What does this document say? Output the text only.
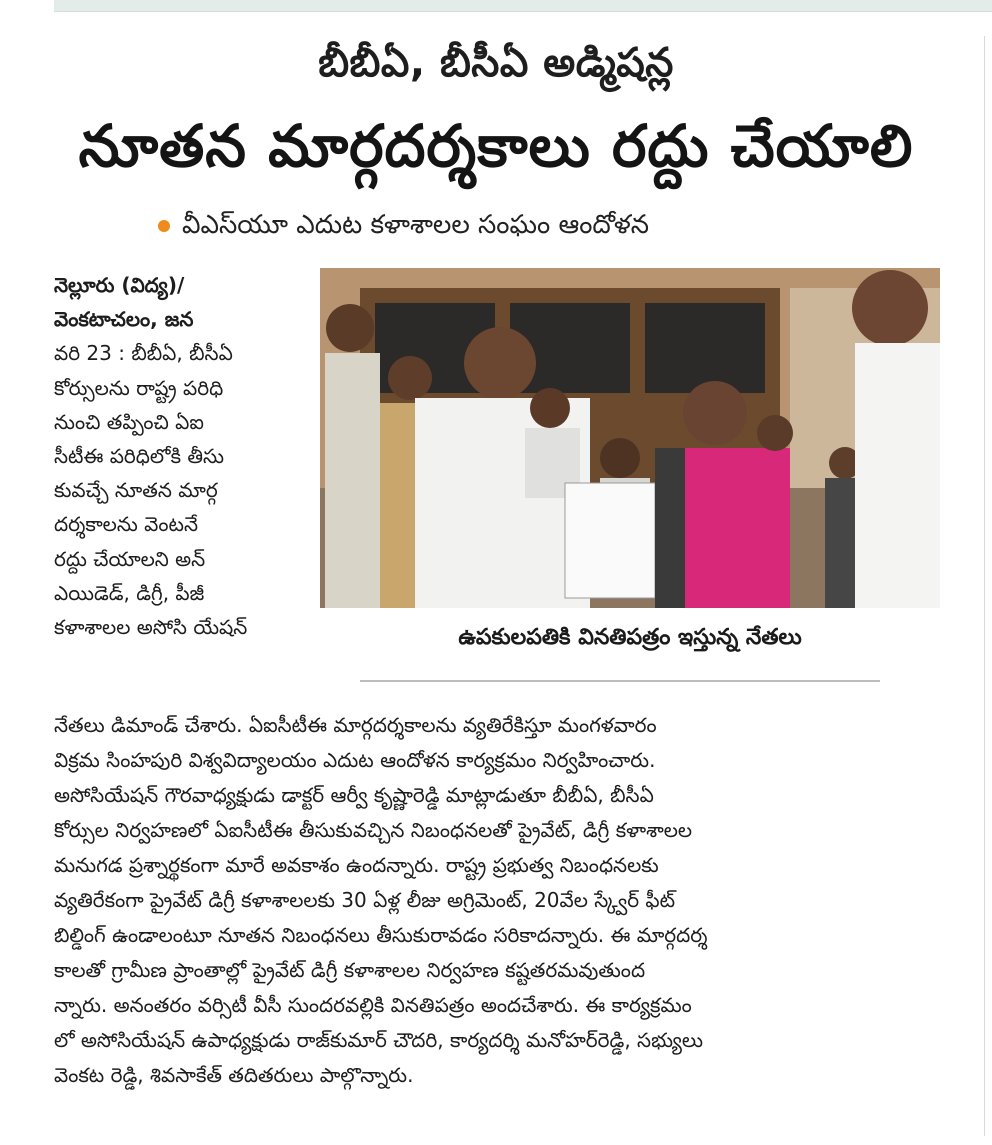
బీబీఏ, బీసీఏ అడ్మిషన్ల
నూతన మార్గదర్శకాలు రద్దు చేయాలి
వీఎస్‌యూ ఎదుట కళాశాలల సంఘం ఆందోళన
నెల్లూరు (విద్య)/
వెంకటాచలం, జన
వరి 23 : బీబీఏ, బీసీఏ
కోర్సులను రాష్ట్ర పరిధి
నుంచి తప్పించి ఏఐ
సీటీఈ పరిధిలోకి తీసు
కువచ్చే నూతన మార్గ
దర్శకాలను వెంటనే
రద్దు చేయాలని అన్
ఎయిడెడ్, డిగ్రీ, పీజీ
కళాశాలల అసోసి యేషన్	ఉపకులపతికి వినతిపత్రం ఇస్తున్న నేతలు
నేతలు డిమాండ్ చేశారు. ఏఐసీటీఈ మార్గదర్శకాలను వ్యతిరేకిస్తూ మంగళవారం
విక్రమ సింహపురి విశ్వవిద్యాలయం ఎదుట ఆందోళన కార్యక్రమం నిర్వహించారు.
అసోసియేషన్ గౌరవాధ్యక్షుడు డాక్టర్ ఆర్వీ కృష్ణారెడ్డి మాట్లాడుతూ బీబీఏ, బీసీఏ
కోర్సుల నిర్వహణలో ఏఐసీటీఈ తీసుకువచ్చిన నిబంధనలతో ప్రైవేట్, డిగ్రీ కళాశాలల
మనుగడ ప్రశ్నార్థకంగా మారే అవకాశం ఉందన్నారు. రాష్ట్ర ప్రభుత్వ నిబంధనలకు
వ్యతిరేకంగా ప్రైవేట్ డిగ్రీ కళాశాలలకు 30 ఏళ్ల లీజు అగ్రిమెంట్, 20వేల స్క్వేర్ ఫీట్
బిల్డింగ్ ఉండాలంటూ నూతన నిబంధనలు తీసుకురావడం సరికాదన్నారు. ఈ మార్గదర్శ
కాలతో గ్రామీణ ప్రాంతాల్లో ప్రైవేట్ డిగ్రీ కళాశాలల నిర్వహణ కష్టతరమవుతుంద
న్నారు. అనంతరం వర్సిటీ వీసీ సుందరవల్లికి వినతిపత్రం అందచేశారు. ఈ కార్యక్రమం
లో అసోసియేషన్ ఉపాధ్యక్షుడు రాజ్‌కుమార్ చౌదరి, కార్యదర్శి మనోహర్‌రెడ్డి, సభ్యులు
వెంకట రెడ్డి, శివసాకేత్ తదితరులు పాల్గొన్నారు.
